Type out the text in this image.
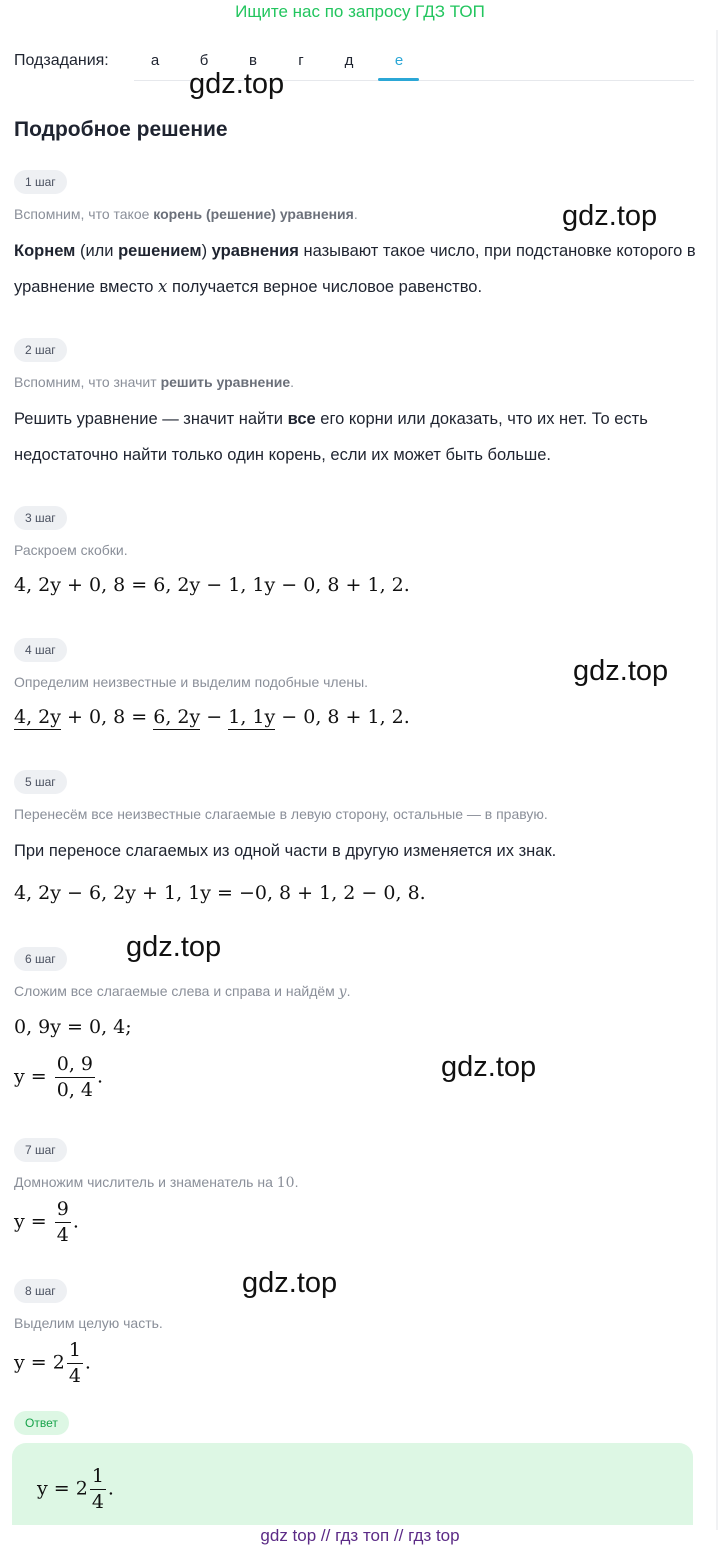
Ищите нас по запросу ГДЗ ТОП
Подзадания:	а	б	в	г	д	е
gdz.top
gdz.top
gdz.top
gdz.top
gdz.top
gdz.top
Подробное решение
1 шаг
Вспомним, что такое корень (решение) уравнения.
Корнем (или решением) уравнения называют такое число, при подстановке которого в уравнение вместо x получается верное числовое равенство.
2 шаг
Вспомним, что значит решить уравнение.
Решить уравнение — значит найти все его корни или доказать, что их нет. То есть недостаточно найти только один корень, если их может быть больше.
3 шаг
Раскроем скобки.
4, 2y + 0, 8 = 6, 2y − 1, 1y − 0, 8 + 1, 2.
4 шаг
Определим неизвестные и выделим подобные члены.
4, 2y + 0, 8 = 6, 2y − 1, 1y − 0, 8 + 1, 2.
5 шаг
Перенесём все неизвестные слагаемые в левую сторону, остальные — в правую.
При переносе слагаемых из одной части в другую изменяется их знак.
4, 2y − 6, 2y + 1, 1y = −0, 8 + 1, 2 − 0, 8.
6 шаг
Сложим все слагаемые слева и справа и найдём y.
0, 9y = 0, 4;
$y = \frac{0, 9}{0, 4}$ .
7 шаг
Домножим числитель и знаменатель на 10.
$y = \frac{9}{4}$ .
8 шаг
Выделим целую часть.
$y = 2 \frac{1}{4}$ .
Ответ
$y = 2 \frac{1}{4}$ .
gdz top // гдз топ // гдз top
